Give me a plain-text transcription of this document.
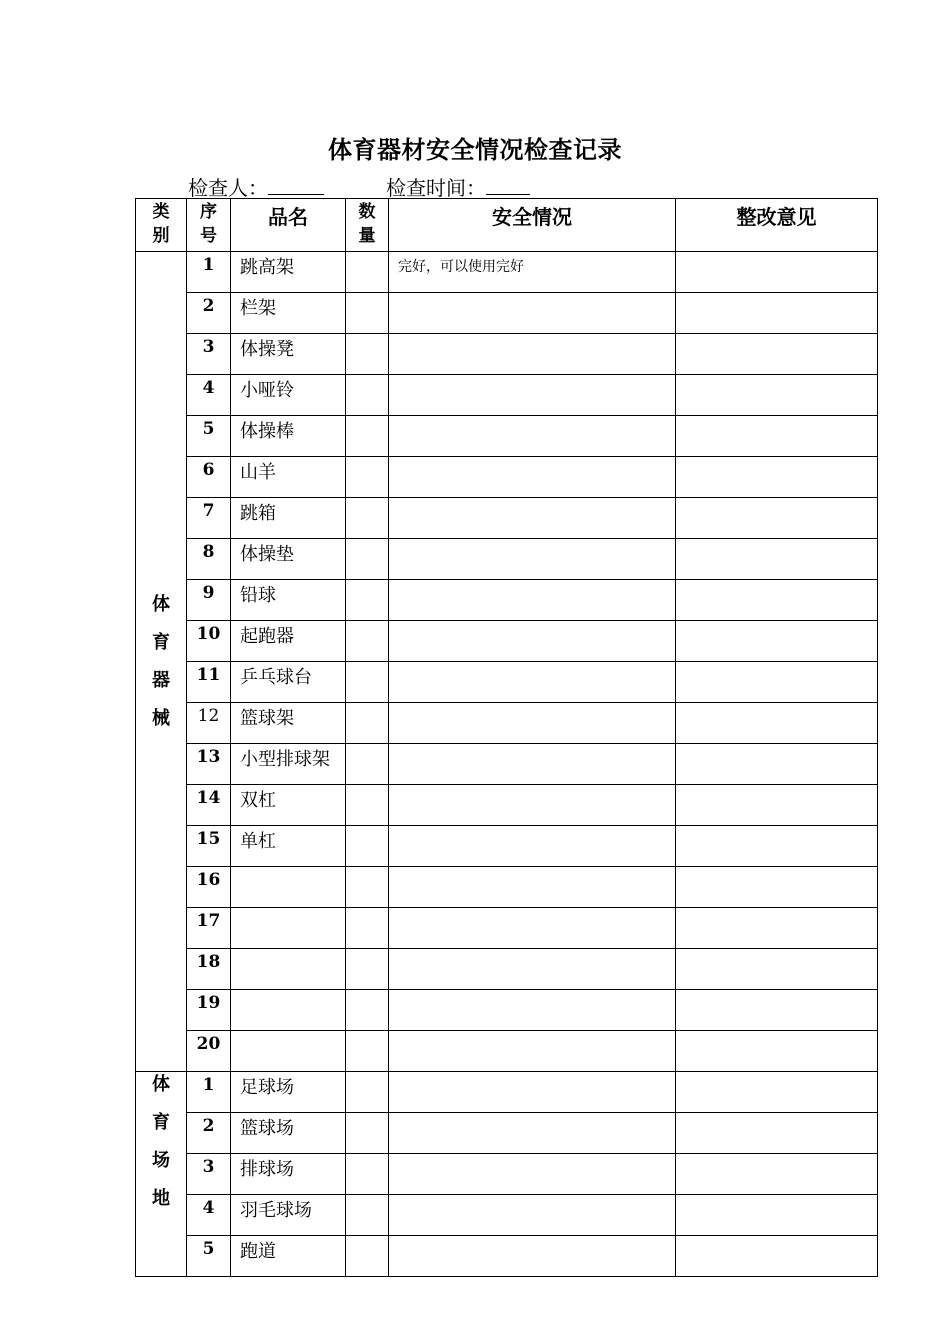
体育器材安全情况检查记录
检查人：	检查时间：
类别	序号	品名	数量	安全情况	整改意见
体育器械	1	跳高架		完好，可以使用完好	
	2	栏架			
	3	体操凳			
	4	小哑铃			
	5	体操棒			
	6	山羊			
	7	跳箱			
	8	体操垫			
	9	铅球			
	10	起跑器			
	11	乒乓球台			
	12	篮球架			
	13	小型排球架			
	14	双杠			
	15	单杠			
	16				
	17				
	18				
	19				
	20				
体育场地	1	足球场			
	2	篮球场			
	3	排球场			
	4	羽毛球场			
	5	跑道			
